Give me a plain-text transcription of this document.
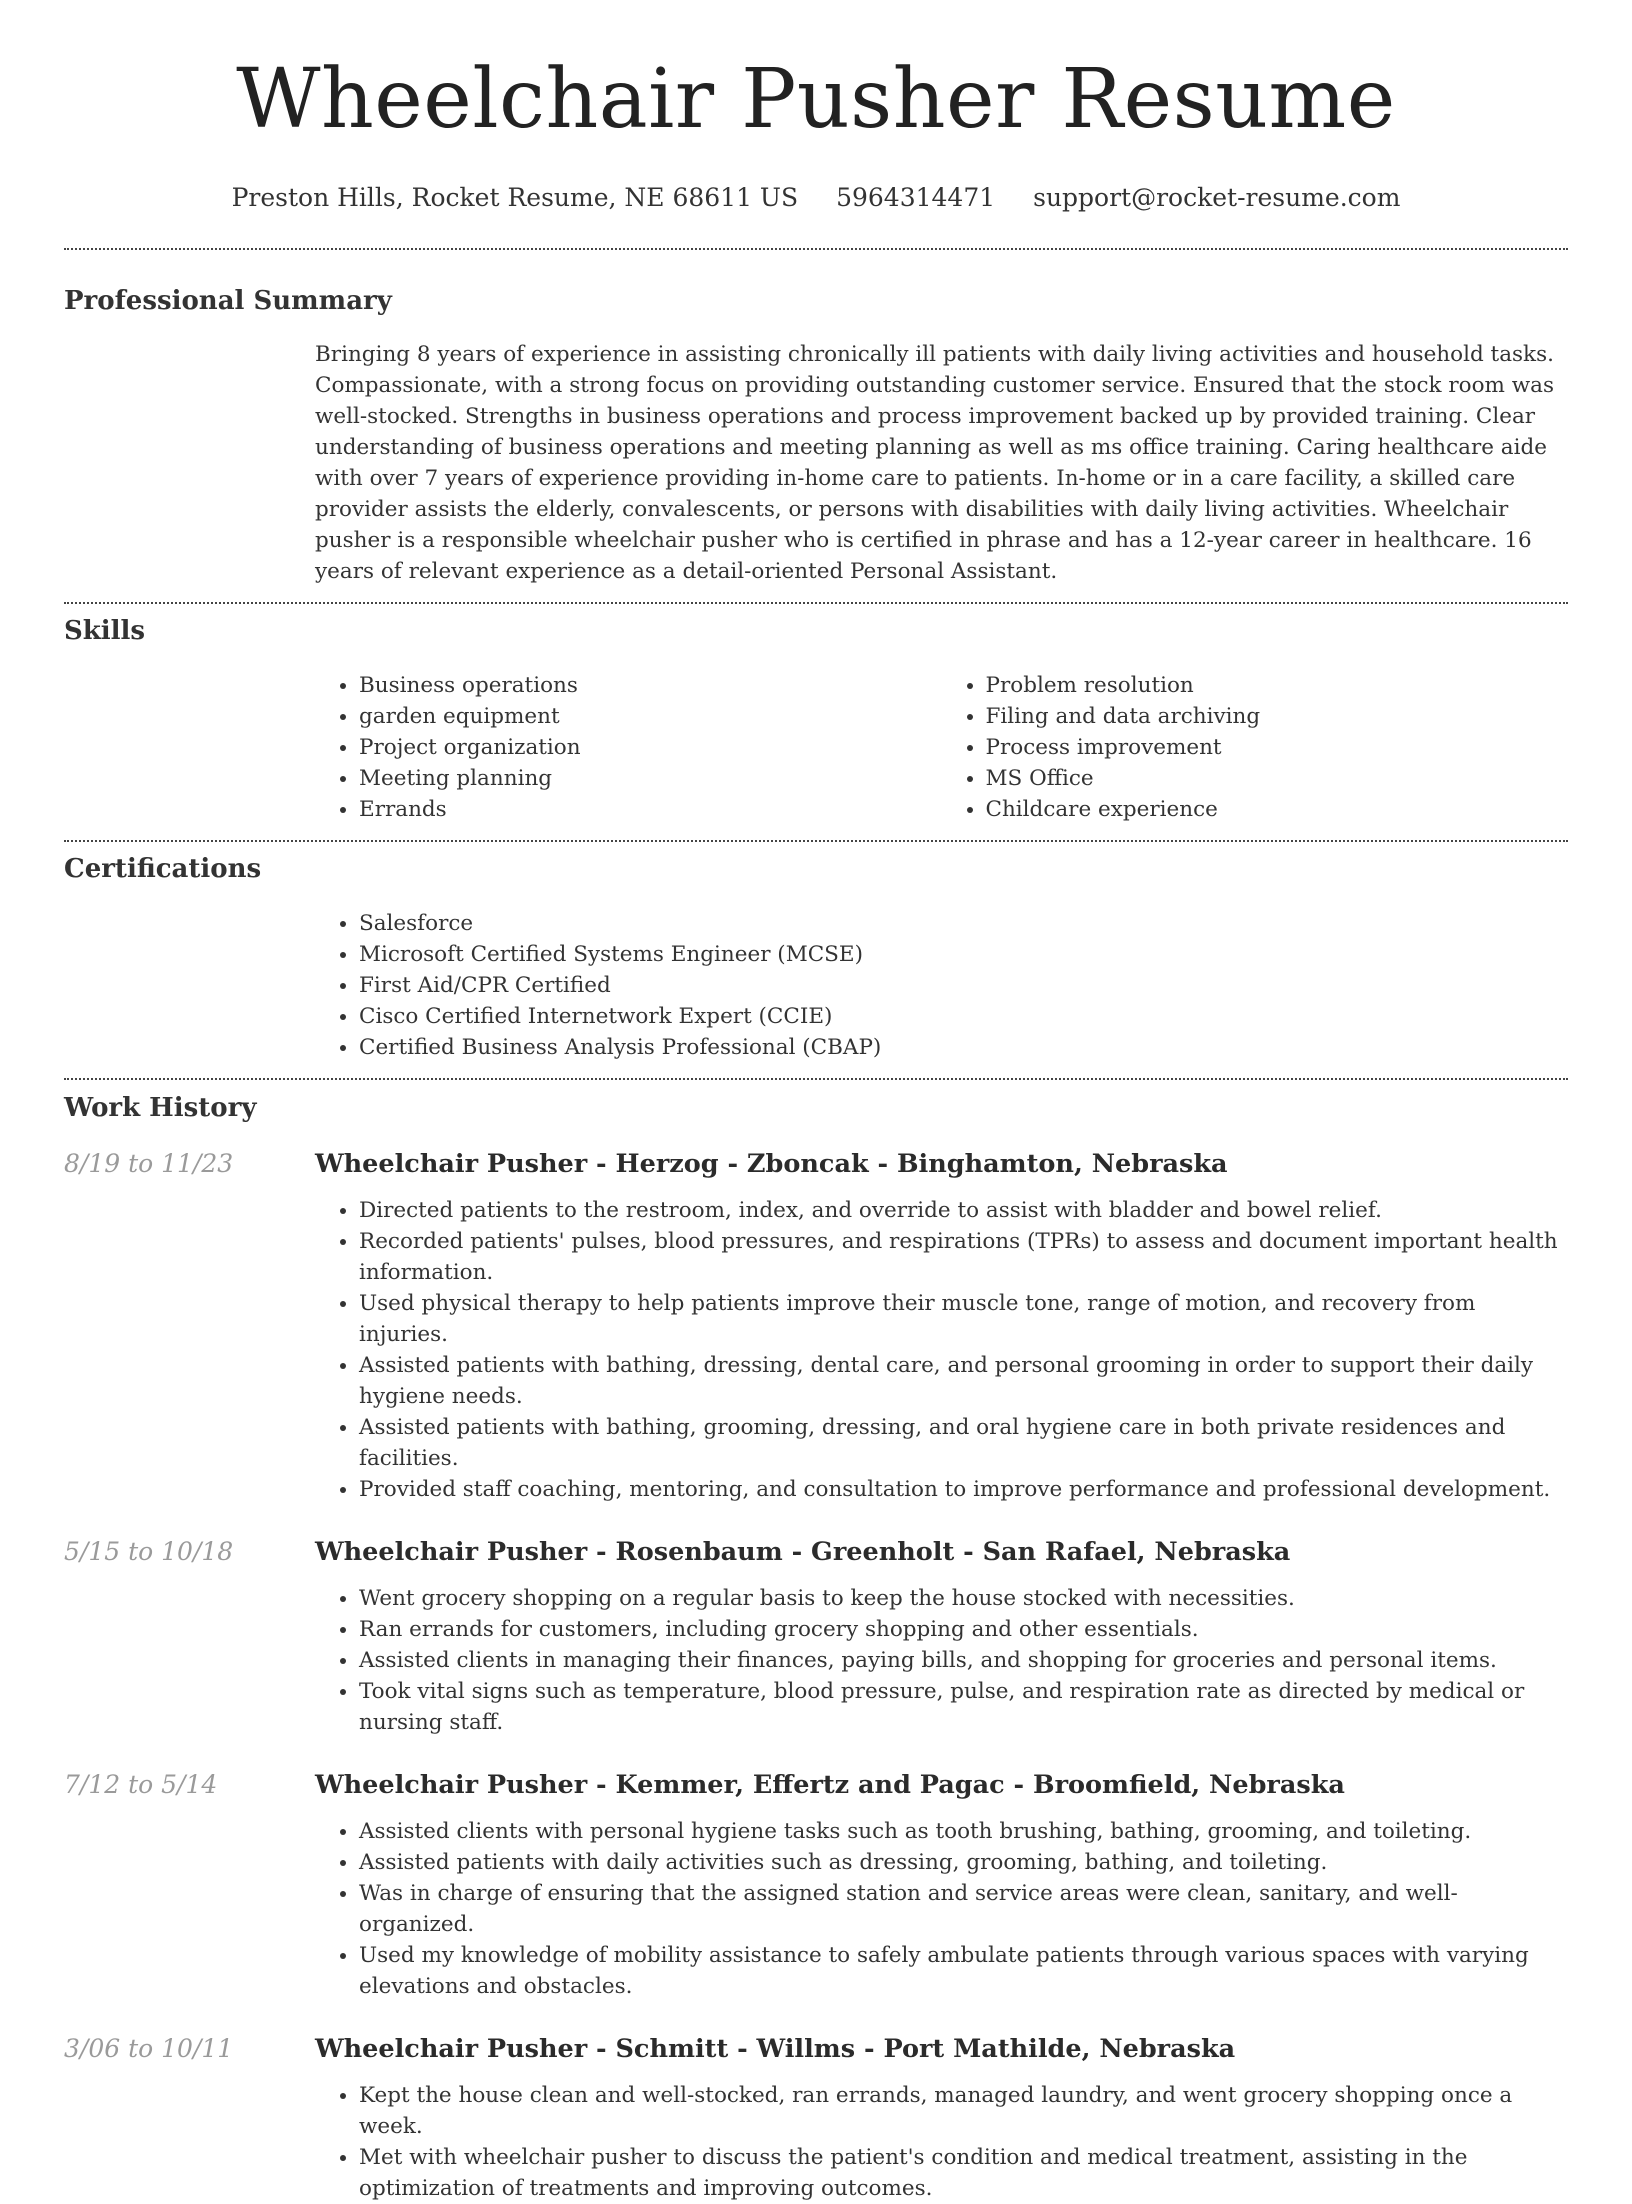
Wheelchair Pusher Resume
Preston Hills, Rocket Resume, NE 68611 US 5964314471 support@rocket-resume.com
Professional Summary

Bringing 8 years of experience in assisting chronically ill patients with daily living activities and household tasks. Compassionate, with a strong focus on providing outstanding customer service. Ensured that the stock room was well-stocked. Strengths in business operations and process improvement backed up by provided training. Clear understanding of business operations and meeting planning as well as ms office training. Caring healthcare aide with over 7 years of experience providing in-home care to patients. In-home or in a care facility, a skilled care provider assists the elderly, convalescents, or persons with disabilities with daily living activities. Wheelchair pusher is a responsible wheelchair pusher who is certified in phrase and has a 12-year career in healthcare. 16 years of relevant experience as a detail-oriented Personal Assistant.

Skills
• Business operations
• garden equipment
• Project organization
• Meeting planning
• Errands
• Problem resolution
• Filing and data archiving
• Process improvement
• MS Office
• Childcare experience
Certifications
• Salesforce
• Microsoft Certified Systems Engineer (MCSE)
• First Aid/CPR Certified
• Cisco Certified Internetwork Expert (CCIE)
• Certified Business Analysis Professional (CBAP)
Work History
8/19 to 11/23	Wheelchair Pusher - Herzog - Zboncak - Binghamton, Nebraska
• Directed patients to the restroom, index, and override to assist with bladder and bowel relief.
• Recorded patients' pulses, blood pressures, and respirations (TPRs) to assess and document important health information.
• Used physical therapy to help patients improve their muscle tone, range of motion, and recovery from injuries.
• Assisted patients with bathing, dressing, dental care, and personal grooming in order to support their daily hygiene needs.
• Assisted patients with bathing, grooming, dressing, and oral hygiene care in both private residences and facilities.
• Provided staff coaching, mentoring, and consultation to improve performance and professional development.
5/15 to 10/18	Wheelchair Pusher - Rosenbaum - Greenholt - San Rafael, Nebraska
• Went grocery shopping on a regular basis to keep the house stocked with necessities.
• Ran errands for customers, including grocery shopping and other essentials.
• Assisted clients in managing their finances, paying bills, and shopping for groceries and personal items.
• Took vital signs such as temperature, blood pressure, pulse, and respiration rate as directed by medical or nursing staff.
7/12 to 5/14	Wheelchair Pusher - Kemmer, Effertz and Pagac - Broomfield, Nebraska
• Assisted clients with personal hygiene tasks such as tooth brushing, bathing, grooming, and toileting.
• Assisted patients with daily activities such as dressing, grooming, bathing, and toileting.
• Was in charge of ensuring that the assigned station and service areas were clean, sanitary, and well-organized.
• Used my knowledge of mobility assistance to safely ambulate patients through various spaces with varying elevations and obstacles.
3/06 to 10/11	Wheelchair Pusher - Schmitt - Willms - Port Mathilde, Nebraska
• Kept the house clean and well-stocked, ran errands, managed laundry, and went grocery shopping once a week.
• Met with wheelchair pusher to discuss the patient's condition and medical treatment, assisting in the optimization of treatments and improving outcomes.
